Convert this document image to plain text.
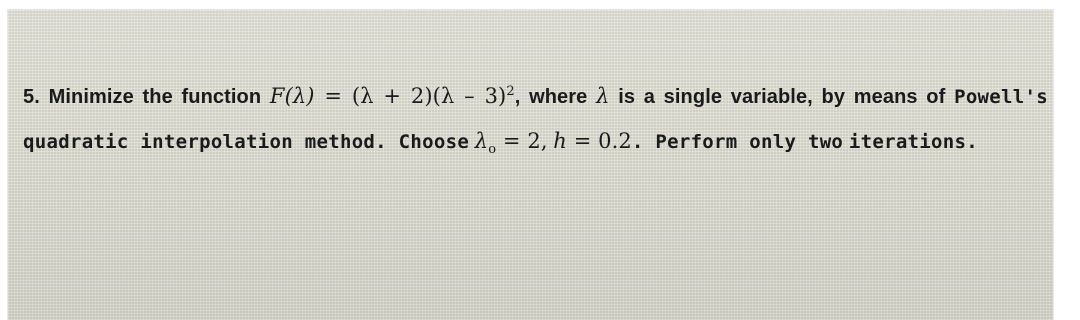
5. Minimize the function F(λ) = (λ + 2)(λ – 3)$^2$, where λ is a single variable, by means of Powell's quadratic interpolation method. Choose $\lambda_o = 2$, h = 0.2. Perform only two iterations.
